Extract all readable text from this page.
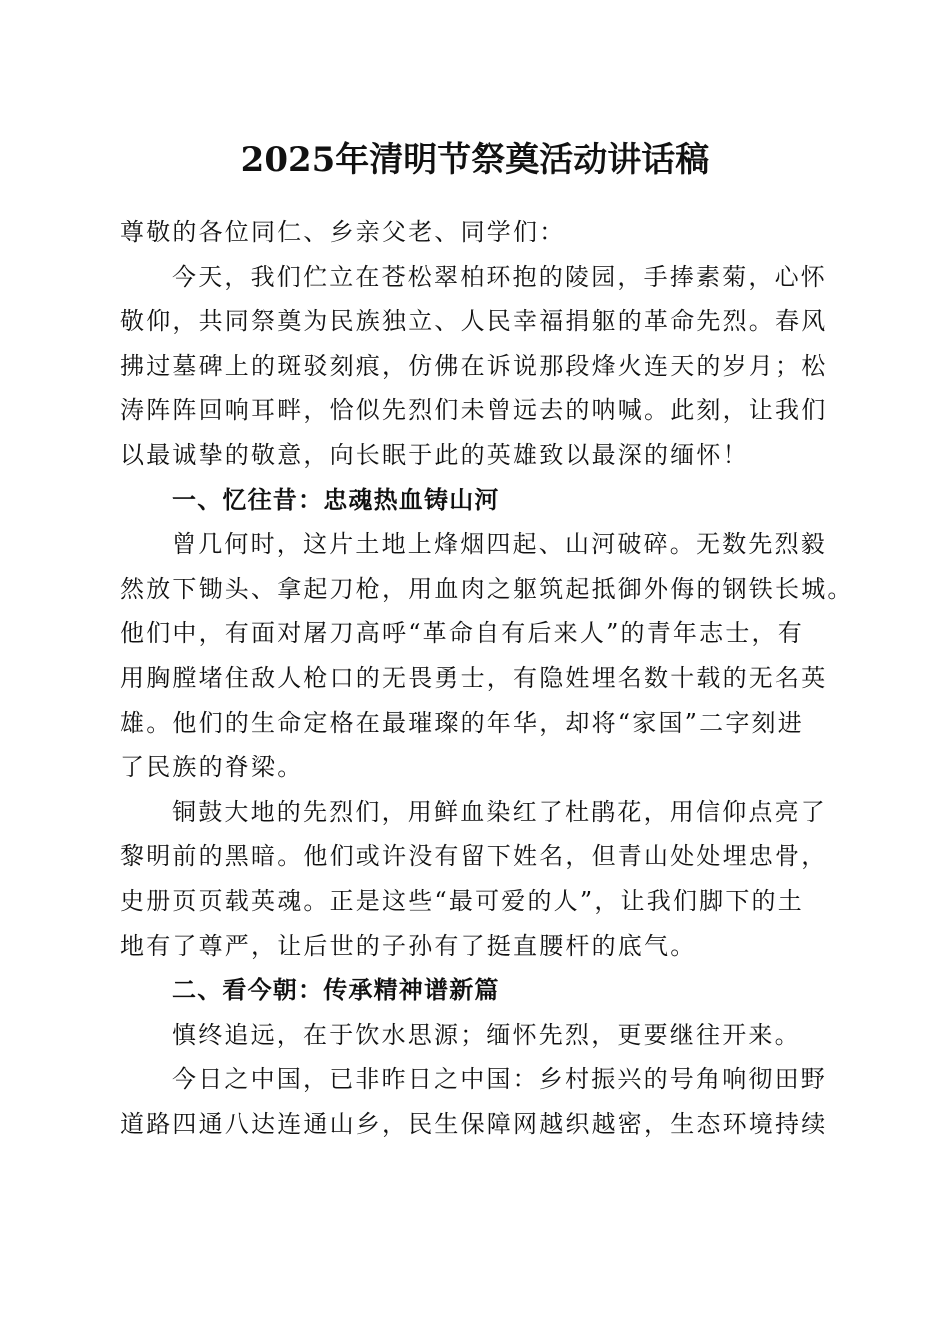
2025年清明节祭奠活动讲话稿
尊敬的各位同仁、乡亲父老、同学们：
今天，我们伫立在苍松翠柏环抱的陵园，手捧素菊，心怀
敬仰，共同祭奠为民族独立、人民幸福捐躯的革命先烈。春风
拂过墓碑上的斑驳刻痕，仿佛在诉说那段烽火连天的岁月；松
涛阵阵回响耳畔，恰似先烈们未曾远去的呐喊。此刻，让我们
以最诚挚的敬意，向长眠于此的英雄致以最深的缅怀！
一、忆往昔：忠魂热血铸山河
曾几何时，这片土地上烽烟四起、山河破碎。无数先烈毅
然放下锄头、拿起刀枪，用血肉之躯筑起抵御外侮的钢铁长城。
他们中，有面对屠刀高呼“革命自有后来人”的青年志士，有
用胸膛堵住敌人枪口的无畏勇士，有隐姓埋名数十载的无名英
雄。他们的生命定格在最璀璨的年华，却将“家国”二字刻进
了民族的脊梁。
铜鼓大地的先烈们，用鲜血染红了杜鹃花，用信仰点亮了
黎明前的黑暗。他们或许没有留下姓名，但青山处处埋忠骨，
史册页页载英魂。正是这些“最可爱的人”，让我们脚下的土
地有了尊严，让后世的子孙有了挺直腰杆的底气。
二、看今朝：传承精神谱新篇
慎终追远，在于饮水思源；缅怀先烈，更要继往开来。
今日之中国，已非昨日之中国：乡村振兴的号角响彻田野
道路四通八达连通山乡，民生保障网越织越密，生态环境持续
